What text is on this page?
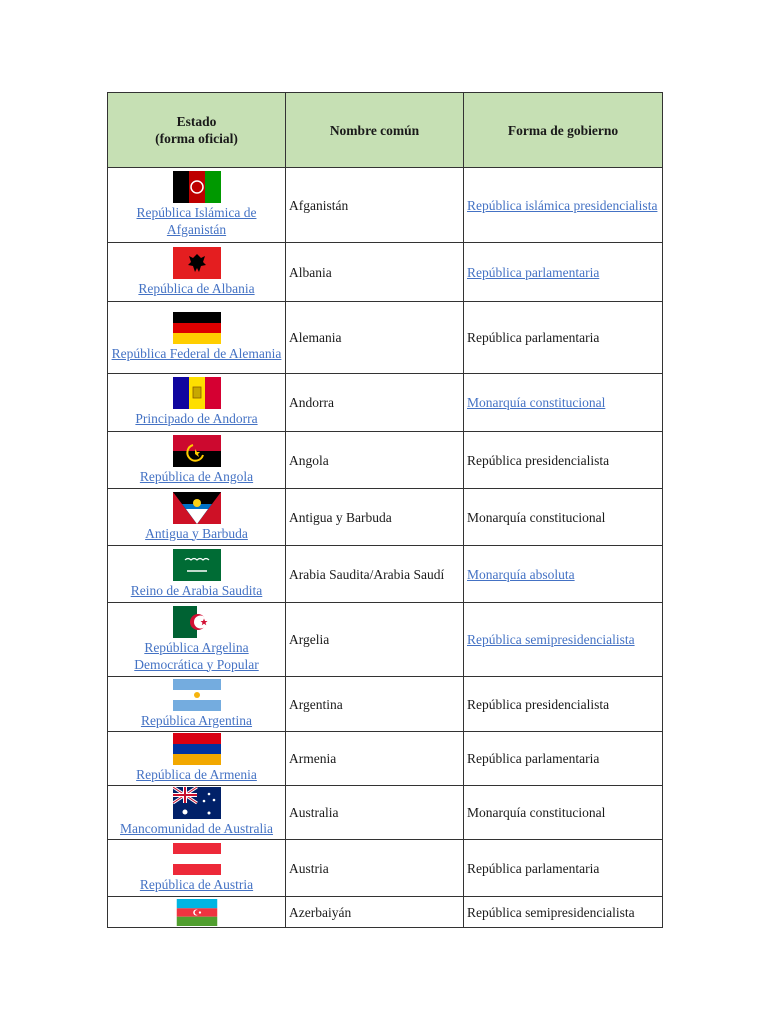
Estado
(forma oficial)	Nombre común	Forma de gobierno

República Islámica de Afganistán	Afganistán	República islámica presidencialista

República de Albania	Albania	República parlamentaria

República Federal de Alemania	Alemania	República parlamentaria

Principado de Andorra	Andorra	Monarquía constitucional

República de Angola	Angola	República presidencialista

Antigua y Barbuda	Antigua y Barbuda	Monarquía constitucional

Reino de Arabia Saudita	Arabia Saudita/Arabia Saudí	Monarquía absoluta

República Argelina Democrática y Popular	Argelia	República semipresidencialista

República Argentina	Argentina	República presidencialista

República de Armenia	Armenia	República parlamentaria

Mancomunidad de Australia	Australia	Monarquía constitucional

República de Austria	Austria	República parlamentaria

	Azerbaiyán	República semipresidencialista
